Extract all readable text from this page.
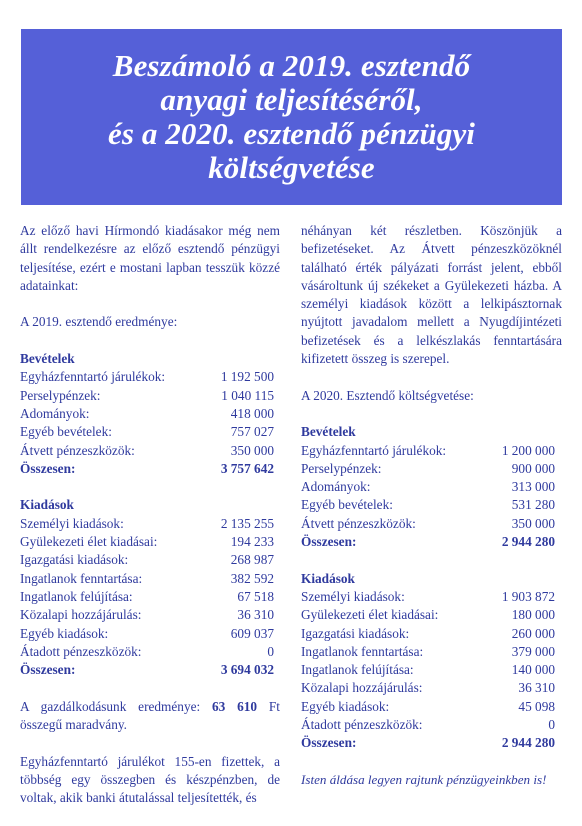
Beszámoló a 2019. esztendő
anyagi teljesítéséről,
és a 2020. esztendő pénzügyi
költségvetése

Az előző havi Hírmondó kiadásakor még nem állt rendelkezésre az előző esztendő pénzügyi teljesítése, ezért e mostani lapban tesszük közzé adatainkat:

A 2019. esztendő eredménye:

Bevételek
Egyházfenntartó járulékok:	1 192 500
Perselypénzek:	1 040 115
Adományok:	418 000
Egyéb bevételek:	757 027
Átvett pénzeszközök:	350 000
Összesen:	3 757 642
Kiadások
Személyi kiadások:	2 135 255
Gyülekezeti élet kiadásai:	194 233
Igazgatási kiadások:	268 987
Ingatlanok fenntartása:	382 592
Ingatlanok felújítása:	67 518
Közalapi hozzájárulás:	36 310
Egyéb kiadások:	609 037
Átadott pénzeszközök:	0
Összesen:	3 694 032

A gazdálkodásunk eredménye: 63 610 Ft összegű maradvány.

Egyházfenntartó járulékot 155-en fizettek, a többség egy összegben és készpénzben, de voltak, akik banki átutalással teljesítették, és

néhányan két részletben. Köszönjük a befizetéseket. Az Átvett pénzeszközöknél található érték pályázati forrást jelent, ebből vásároltunk új székeket a Gyülekezeti házba. A személyi kiadások között a lelkipásztornak nyújtott javadalom mellett a Nyugdíjintézeti befizetések és a lelkészlakás fenntartására kifizetett összeg is szerepel.

A 2020. Esztendő költségvetése:

Bevételek
Egyházfenntartó járulékok:	1 200 000
Perselypénzek:	900 000
Adományok:	313 000
Egyéb bevételek:	531 280
Átvett pénzeszközök:	350 000
Összesen:	2 944 280
Kiadások
Személyi kiadások:	1 903 872
Gyülekezeti élet kiadásai:	180 000
Igazgatási kiadások:	260 000
Ingatlanok fenntartása:	379 000
Ingatlanok felújítása:	140 000
Közalapi hozzájárulás:	36 310
Egyéb kiadások:	45 098
Átadott pénzeszközök:	0
Összesen:	2 944 280

Isten áldása legyen rajtunk pénzügyeinkben is!
